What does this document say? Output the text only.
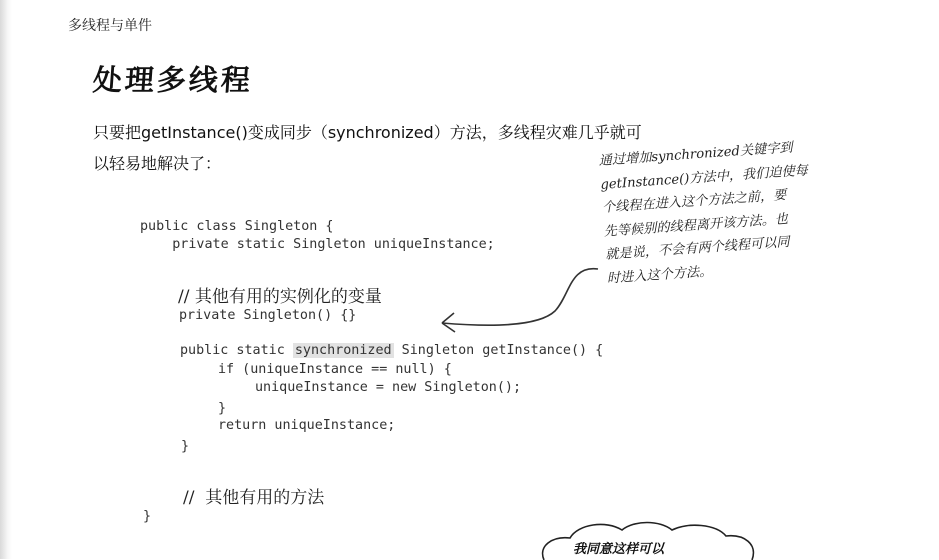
多线程与单件
处理多线程
只要把getInstance()变成同步（synchronized）方法，多线程灾难几乎就可
以轻易地解决了：
public class Singleton {
private static Singleton uniqueInstance;
// 其他有用的实例化的变量
private Singleton() {}
public static synchronized Singleton getInstance() {
if (uniqueInstance == null) {
uniqueInstance = new Singleton();
}
return uniqueInstance;
}
//  其他有用的方法
}
通过增加synchronized关键字到
getInstance()方法中，我们迫使每
个线程在进入这个方法之前，要
先等候别的线程离开该方法。也
就是说，不会有两个线程可以同
时进入这个方法。
我同意这样可以
